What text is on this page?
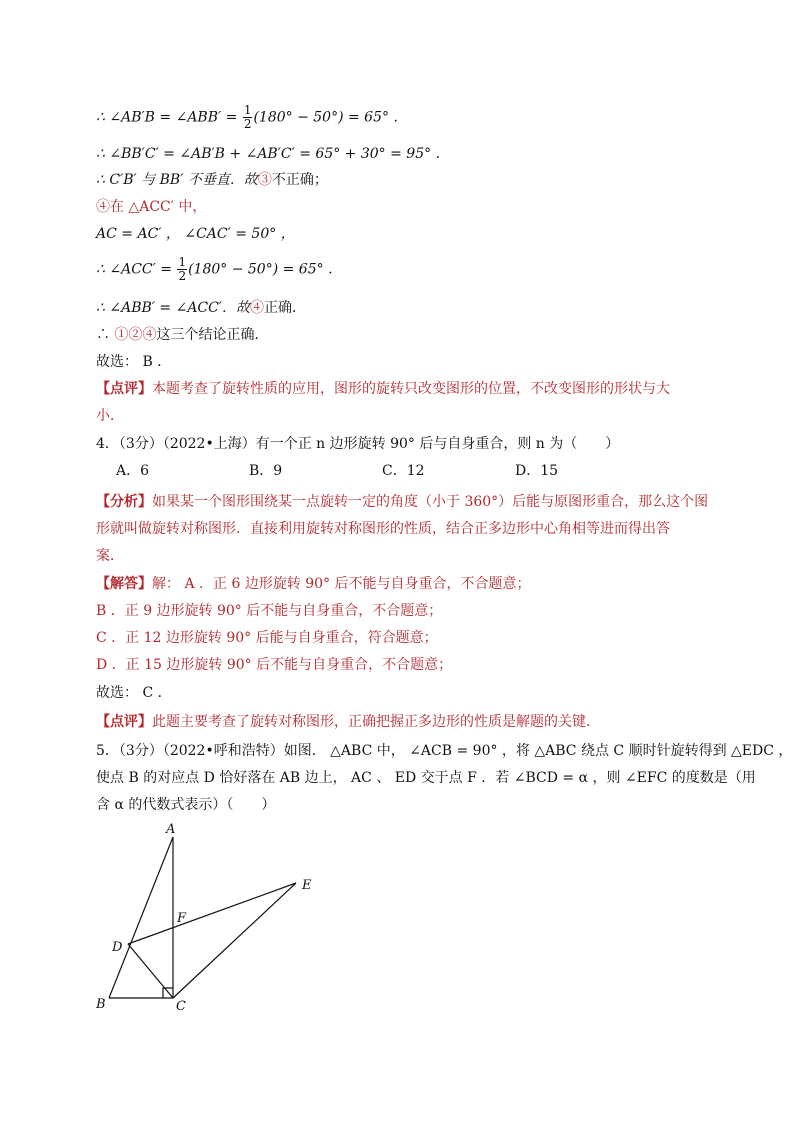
∴ ∠AB′B = ∠ABB′ = $\frac{1}{2} (180^\circ - 50^\circ) = 65^\circ$ .
∴ ∠BB′C′ = ∠AB′B + ∠AB′C′ = 65° + 30° = 95° .
∴ C′B′ 与 BB′ 不垂直．故③不正确；
④在 △ACC′ 中，
AC = AC′ ， ∠CAC′ = 50° ，
∴ ∠ACC′ = $\frac{1}{2} (180^\circ - 50^\circ) = 65^\circ$ .
∴ ∠ABB′ = ∠ACC′．故④正确．
∴ ①②④这三个结论正确．
故选： B ．
【点评】本题考查了旋转性质的应用，图形的旋转只改变图形的位置，不改变图形的形状与大
小．
4．（3分）（2022•上海）有一个正 n 边形旋转 90° 后与自身重合，则 n 为（　　）
A．6	B．9	C．12	D．15
【分析】如果某一个图形围绕某一点旋转一定的角度（小于 360°）后能与原图形重合，那么这个图
形就叫做旋转对称图形．直接利用旋转对称图形的性质，结合正多边形中心角相等进而得出答
案．
【解答】解： A ．正 6 边形旋转 90° 后不能与自身重合，不合题意；
B ．正 9 边形旋转 90° 后不能与自身重合，不合题意；
C ．正 12 边形旋转 90° 后能与自身重合，符合题意；
D ．正 15 边形旋转 90° 后不能与自身重合，不合题意；
故选： C ．
【点评】此题主要考查了旋转对称图形，正确把握正多边形的性质是解题的关键．
5．（3分）（2022•呼和浩特）如图． △ABC 中， ∠ACB = 90° ，将 △ABC 绕点 C 顺时针旋转得到 △EDC ，
使点 B 的对应点 D 恰好落在 AB 边上， AC 、 ED 交于点 F ．若 ∠BCD = α ，则 ∠EFC 的度数是（用
含 α 的代数式表示）（　　）
A
E
F
D
B	C
